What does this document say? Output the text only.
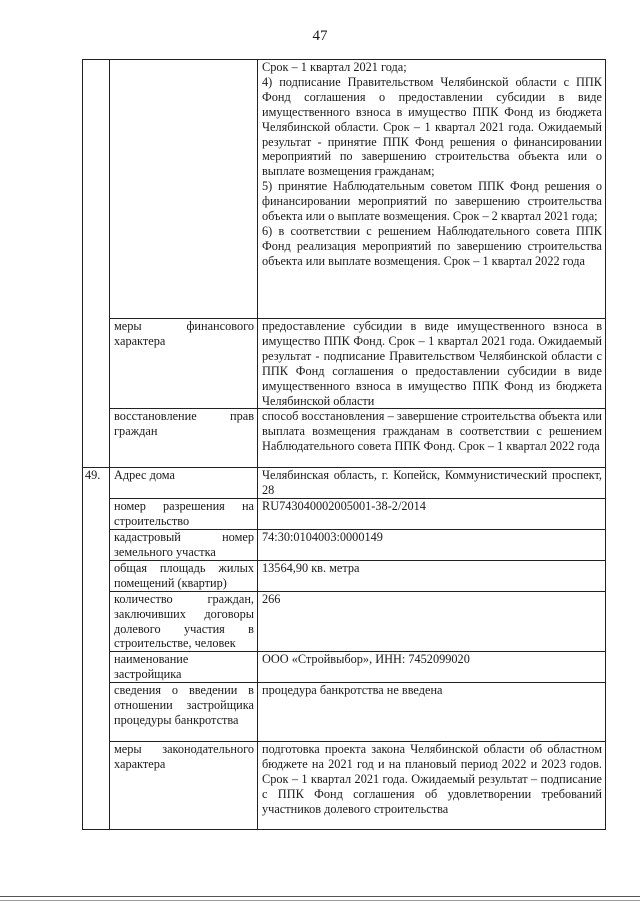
47

		Срок – 1 квартал 2021 года;
4) подписание Правительством Челябинской области с ППК Фонд соглашения о предоставлении субсидии в виде имущественного взноса в имущество ППК Фонд из бюджета Челябинской области. Срок – 1 квартал 2021 года. Ожидаемый результат - принятие ППК Фонд решения о финансировании мероприятий по завершению строительства объекта или о выплате возмещения гражданам;
5) принятие Наблюдательным советом ППК Фонд решения о финансировании мероприятий по завершению строительства объекта или о выплате возмещения. Срок – 2 квартал 2021 года;
6) в соответствии с решением Наблюдательного совета ППК Фонд реализация мероприятий по завершению строительства объекта или выплате возмещения. Срок – 1 квартал 2022 года

	меры финансового характера	предоставление субсидии в виде имущественного взноса в имущество ППК Фонд. Срок – 1 квартал 2021 года. Ожидаемый результат - подписание Правительством Челябинской области с ППК Фонд соглашения о предоставлении субсидии в виде имущественного взноса в имущество ППК Фонд из бюджета Челябинской области
	восстановление прав граждан	способ восстановления – завершение строительства объекта или выплата возмещения гражданам в соответствии с решением Наблюдательного совета ППК Фонд. Срок – 1 квартал 2022 года
49.	Адрес дома	Челябинская область, г. Копейск, Коммунистический проспект, 28
	номер разрешения на строительство	RU743040002005001-38-2/2014
	кадастровый номер земельного участка	74:30:0104003:0000149
	общая площадь жилых помещений (квартир)	13564,90 кв. метра
	количество граждан, заключивших договоры долевого участия в строительстве, человек	266
	наименование застройщика	ООО «Стройвыбор», ИНН: 7452099020
	сведения о введении в отношении застройщика процедуры банкротства	процедура банкротства не введена
	меры законодательного характера	подготовка проекта закона Челябинской области об областном бюджете на 2021 год и на плановый период 2022 и 2023 годов. Срок – 1 квартал 2021 года. Ожидаемый результат – подписание с ППК Фонд соглашения об удовлетворении требований участников долевого строительства
